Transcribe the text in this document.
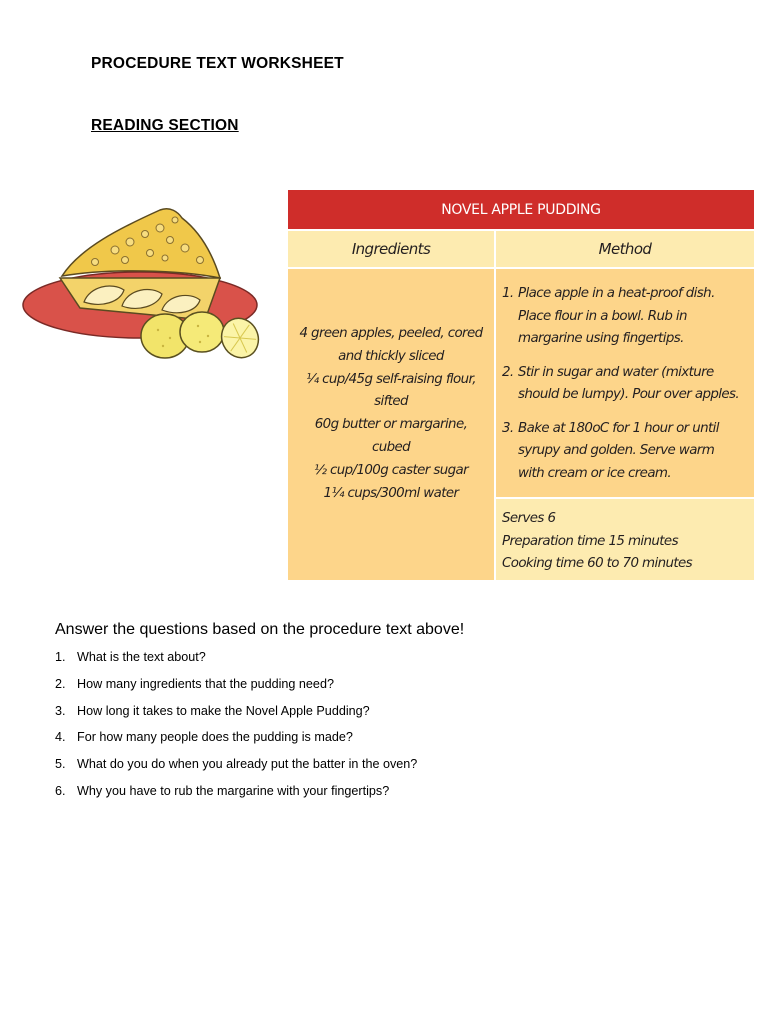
PROCEDURE TEXT WORKSHEET
READING SECTION
NOVEL APPLE PUDDING
Ingredients	Method
4 green apples, peeled, cored
and thickly sliced
¼ cup/45g self-raising flour,
sifted
60g butter or margarine,
cubed
½ cup/100g caster sugar
1¼ cups/300ml water
1. Place apple in a heat-proof dish.
Place flour in a bowl. Rub in
margarine using fingertips.
2. Stir in sugar and water (mixture
should be lumpy). Pour over apples.
3. Bake at 180oC for 1 hour or until
syrupy and golden. Serve warm
with cream or ice cream.
Serves 6
Preparation time 15 minutes
Cooking time 60 to 70 minutes
Answer the questions based on the procedure text above!
1. What is the text about?
2. How many ingredients that the pudding need?
3. How long it takes to make the Novel Apple Pudding?
4. For how many people does the pudding is made?
5. What do you do when you already put the batter in the oven?
6. Why you have to rub the margarine with your fingertips?
